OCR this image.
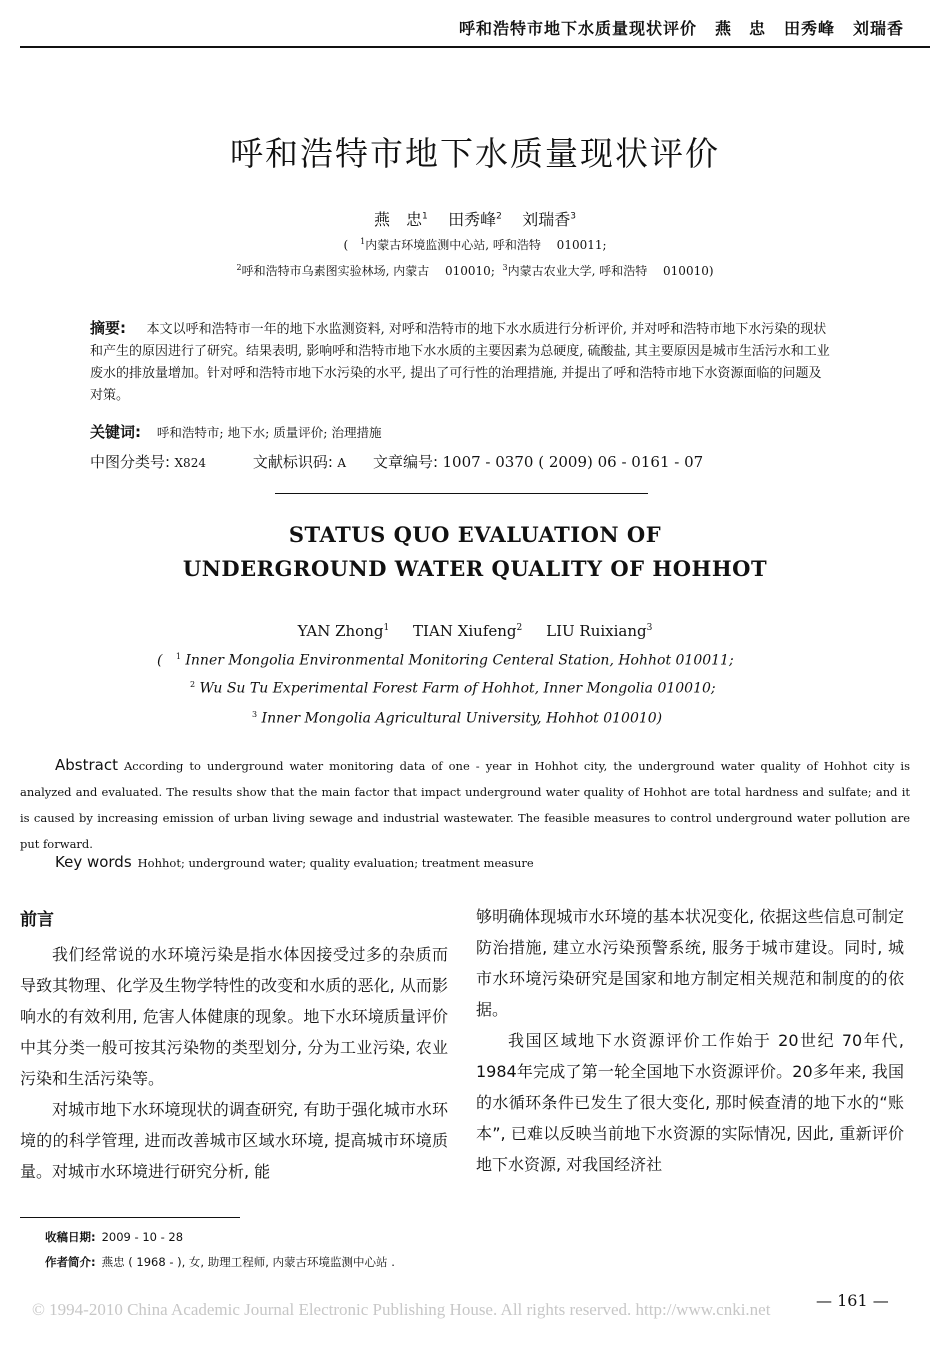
呼和浩特市地下水质量现状评价 燕　忠 田秀峰 刘瑞香
呼和浩特市地下水质量现状评价
燕　忠$^1$ 田秀峰$^2$ 刘瑞香$^3$
(　$^1$内蒙古环境监测中心站, 呼和浩特　 010011;
$^2$呼和浩特市乌素图实验林场, 内蒙古　 010010; $^3$内蒙古农业大学, 呼和浩特　 010010)
摘要: 本文以呼和浩特市一年的地下水监测资料, 对呼和浩特市的地下水水质进行分析评价, 并对呼和浩特市地下水污染的现状和产生的原因进行了研究。结果表明, 影响呼和浩特市地下水水质的主要因素为总硬度, 硫酸盐, 其主要原因是城市生活污水和工业废水的排放量增加。针对呼和浩特市地下水污染的水平, 提出了可行性的治理措施, 并提出了呼和浩特市地下水资源面临的问题及对策。
关键词: 呼和浩特市; 地下水; 质量评价; 治理措施
中图分类号: X824	文献标识码: A 文章编号: 1007 - 0370 ( 2009) 06 - 0161 - 07
STATUS QUO EVALUATION OF
UNDERGROUND WATER QUALITY OF HOHHOT
YAN Zhong$^1$ TIAN Xiufeng$^2$ LIU Ruixiang$^3$
( $^1$ Inner Mongolia Environmental Monitoring Centeral Station, Hohhot 010011;
$^2$ Wu Su Tu Experimental Forest Farm of Hohhot, Inner Mongolia 010010;
$^3$ Inner Mongolia Agricultural University, Hohhot 010010)
Abstract According to underground water monitoring data of one - year in Hohhot city, the underground water quality of Hohhot city is analyzed and evaluated. The results show that the main factor that impact underground water quality of Hohhot are total hardness and sulfate; and it is caused by increasing emission of urban living sewage and industrial wastewater. The feasible measures to control underground water pollution are put forward.
Key words Hohhot; underground water; quality evaluation; treatment measure
前言

我们经常说的水环境污染是指水体因接受过多的杂质而导致其物理、化学及生物学特性的改变和水质的恶化, 从而影响水的有效利用, 危害人体健康的现象。地下水环境质量评价中其分类一般可按其污染物的类型划分, 分为工业污染, 农业污染和生活污染等。

对城市地下水环境现状的调查研究, 有助于强化城市水环境的的科学管理, 进而改善城市区域水环境, 提高城市环境质量。对城市水环境进行研究分析, 能

够明确体现城市水环境的基本状况变化, 依据这些信息可制定防治措施, 建立水污染预警系统, 服务于城市建设。同时, 城市水环境污染研究是国家和地方制定相关规范和制度的的依据。

我国区域地下水资源评价工作始于 20世纪 70年代, 1984年完成了第一轮全国地下水资源评价。20多年来, 我国的水循环条件已发生了很大变化, 那时候查清的地下水的“账本”, 已难以反映当前地下水资源的实际情况, 因此, 重新评价地下水资源, 对我国经济社

收稿日期: 2009 - 10 - 28
作者简介: 燕忠 ( 1968 - ), 女, 助理工程师, 内蒙古环境监测中心站 .
— 161 —
© 1994-2010 China Academic Journal Electronic Publishing House. All rights reserved. http://www.cnki.net
